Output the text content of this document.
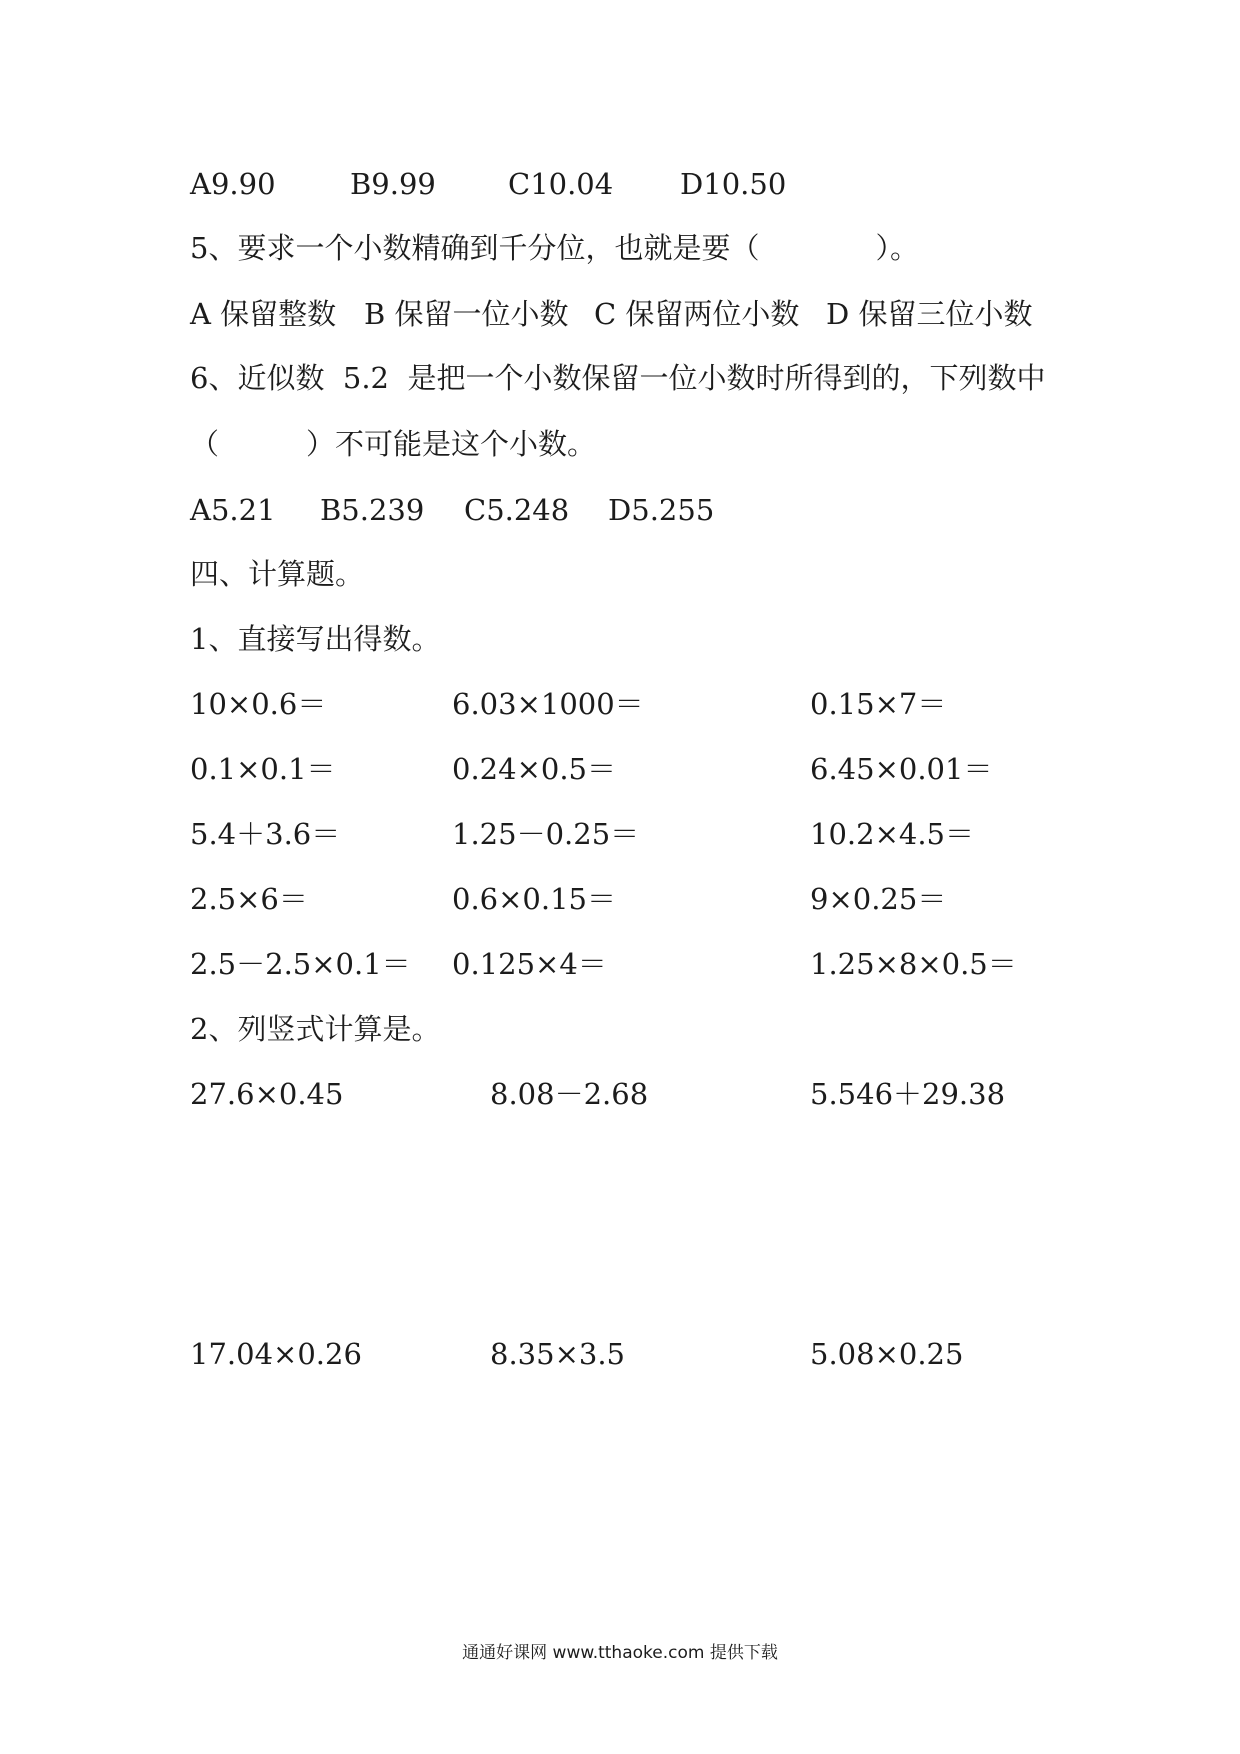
A9.90	B9.99 C10.04 D10.50
5、要求一个小数精确到千分位，也就是要（　　　　）。
A 保留整数 B 保留一位小数 C 保留两位小数 D 保留三位小数
6、近似数  5.2  是把一个小数保留一位小数时所得到的，下列数中
（　　　）不可能是这个小数。
A5.21 B5.239 C5.248 D5.255
四、计算题。
1、直接写出得数。
10×0.6＝	6.03×1000＝	0.15×7＝
0.1×0.1＝	0.24×0.5＝	6.45×0.01＝
5.4＋3.6＝	1.25－0.25＝	10.2×4.5＝
2.5×6＝	0.6×0.15＝	9×0.25＝
2.5－2.5×0.1＝ 0.125×4＝	1.25×8×0.5＝
2、列竖式计算是。
27.6×0.45	8.08－2.68	5.546＋29.38
17.04×0.26	8.35×3.5	5.08×0.25
通通好课网 www.tthaoke.com 提供下载
